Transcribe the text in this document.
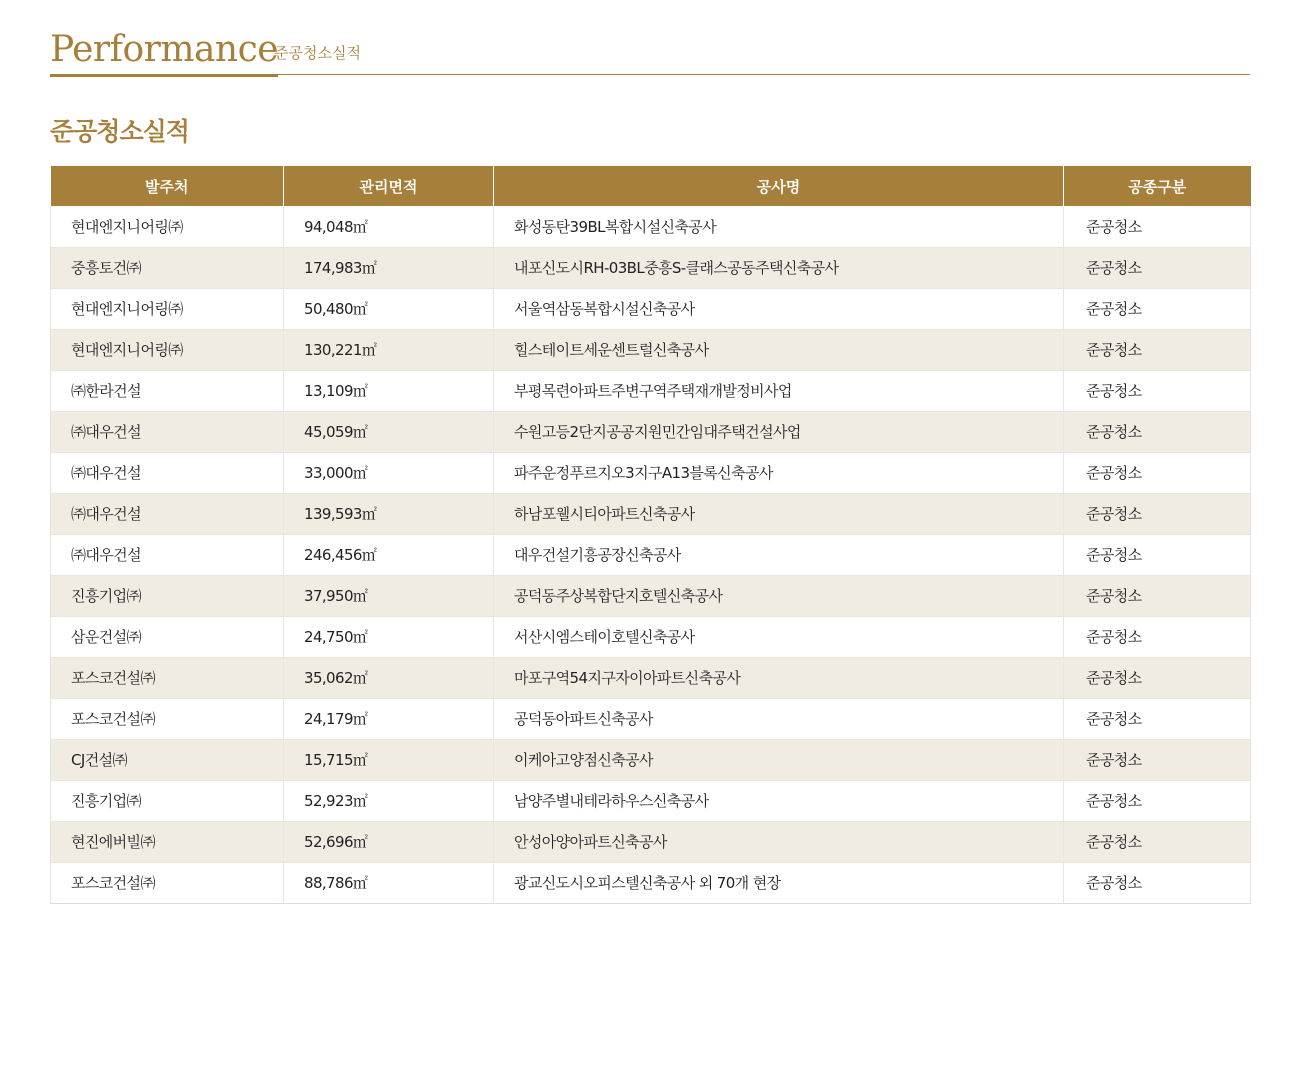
Performance
준공청소실적
준공청소실적
발주처	관리면적	공사명	공종구분
현대엔지니어링㈜	94,048㎡	화성동탄39BL복합시설신축공사	준공청소
중흥토건㈜	174,983㎡	내포신도시RH-03BL중흥S-클래스공동주택신축공사	준공청소
현대엔지니어링㈜	50,480㎡	서울역삼동복합시설신축공사	준공청소
현대엔지니어링㈜	130,221㎡	힐스테이트세운센트럴신축공사	준공청소
㈜한라건설	13,109㎡	부평목련아파트주변구역주택재개발정비사업	준공청소
㈜대우건설	45,059㎡	수원고등2단지공공지원민간임대주택건설사업	준공청소
㈜대우건설	33,000㎡	파주운정푸르지오3지구A13블록신축공사	준공청소
㈜대우건설	139,593㎡	하남포웰시티아파트신축공사	준공청소
㈜대우건설	246,456㎡	대우건설기흥공장신축공사	준공청소
진흥기업㈜	37,950㎡	공덕동주상복합단지호텔신축공사	준공청소
삼운건설㈜	24,750㎡	서산시엠스테이호텔신축공사	준공청소
포스코건설㈜	35,062㎡	마포구역54지구자이아파트신축공사	준공청소
포스코건설㈜	24,179㎡	공덕동아파트신축공사	준공청소
CJ건설㈜	15,715㎡	이케아고양점신축공사	준공청소
진흥기업㈜	52,923㎡	남양주별내테라하우스신축공사	준공청소
현진에버빌㈜	52,696㎡	안성아양아파트신축공사	준공청소
포스코건설㈜	88,786㎡	광교신도시오피스텔신축공사 외 70개 현장	준공청소
